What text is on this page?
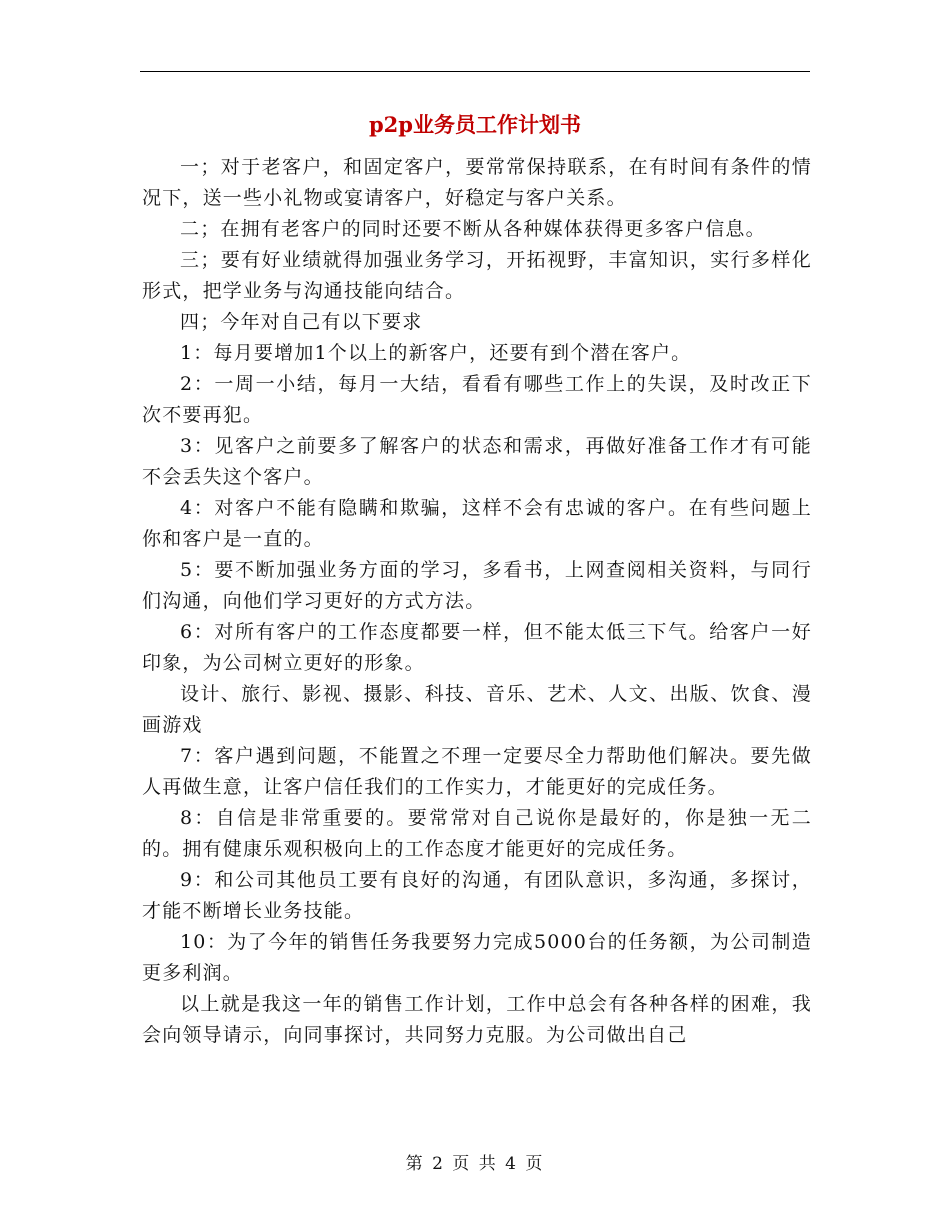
p2p业务员工作计划书

一；对于老客户，和固定客户，要常常保持联系，在有时间有条件的情况下，送一些小礼物或宴请客户，好稳定与客户关系。

二；在拥有老客户的同时还要不断从各种媒体获得更多客户信息。

三；要有好业绩就得加强业务学习，开拓视野，丰富知识，实行多样化形式，把学业务与沟通技能向结合。

四；今年对自己有以下要求

1：每月要增加1个以上的新客户，还要有到个潜在客户。

2：一周一小结，每月一大结，看看有哪些工作上的失误，及时改正下次不要再犯。

3：见客户之前要多了解客户的状态和需求，再做好准备工作才有可能不会丢失这个客户。

4：对客户不能有隐瞒和欺骗，这样不会有忠诚的客户。在有些问题上你和客户是一直的。

5：要不断加强业务方面的学习，多看书，上网查阅相关资料，与同行们沟通，向他们学习更好的方式方法。

6：对所有客户的工作态度都要一样，但不能太低三下气。给客户一好印象，为公司树立更好的形象。

设计、旅行、影视、摄影、科技、音乐、艺术、人文、出版、饮食、漫画游戏

7：客户遇到问题，不能置之不理一定要尽全力帮助他们解决。要先做人再做生意，让客户信任我们的工作实力，才能更好的完成任务。

8：自信是非常重要的。要常常对自己说你是最好的，你是独一无二的。拥有健康乐观积极向上的工作态度才能更好的完成任务。

9：和公司其他员工要有良好的沟通，有团队意识，多沟通，多探讨，才能不断增长业务技能。

10：为了今年的销售任务我要努力完成5000台的任务额，为公司制造更多利润。

以上就是我这一年的销售工作计划，工作中总会有各种各样的困难，我会向领导请示，向同事探讨，共同努力克服。为公司做出自己

第 2 页 共 4 页
